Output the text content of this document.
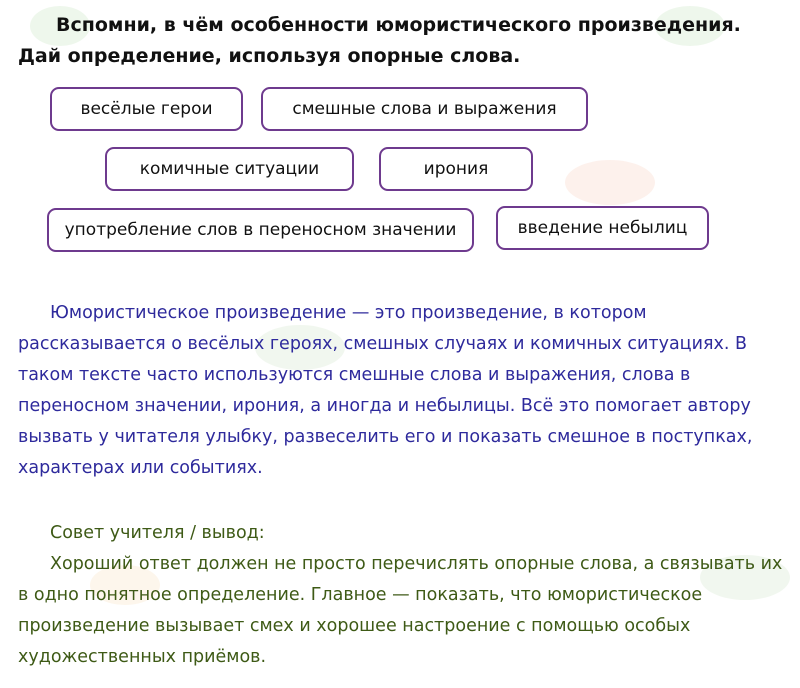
Вспомни, в чём особенности юмористического произведения. Дай определение, используя опорные слова.
весёлые герои	смешные слова и выражения
комичные ситуации	ирония
употребление слов в переносном значении	введение небылиц
Юмористическое произведение — это произведение, в котором рассказывается о весёлых героях, смешных случаях и комичных ситуациях. В таком тексте часто используются смешные слова и выражения, слова в переносном значении, ирония, а иногда и небылицы. Всё это помогает автору вызвать у читателя улыбку, развеселить его и показать смешное в поступках, характерах или событиях.

Совет учителя / вывод:

Хороший ответ должен не просто перечислять опорные слова, а связывать их в одно понятное определение. Главное — показать, что юмористическое произведение вызывает смех и хорошее настроение с помощью особых художественных приёмов.
